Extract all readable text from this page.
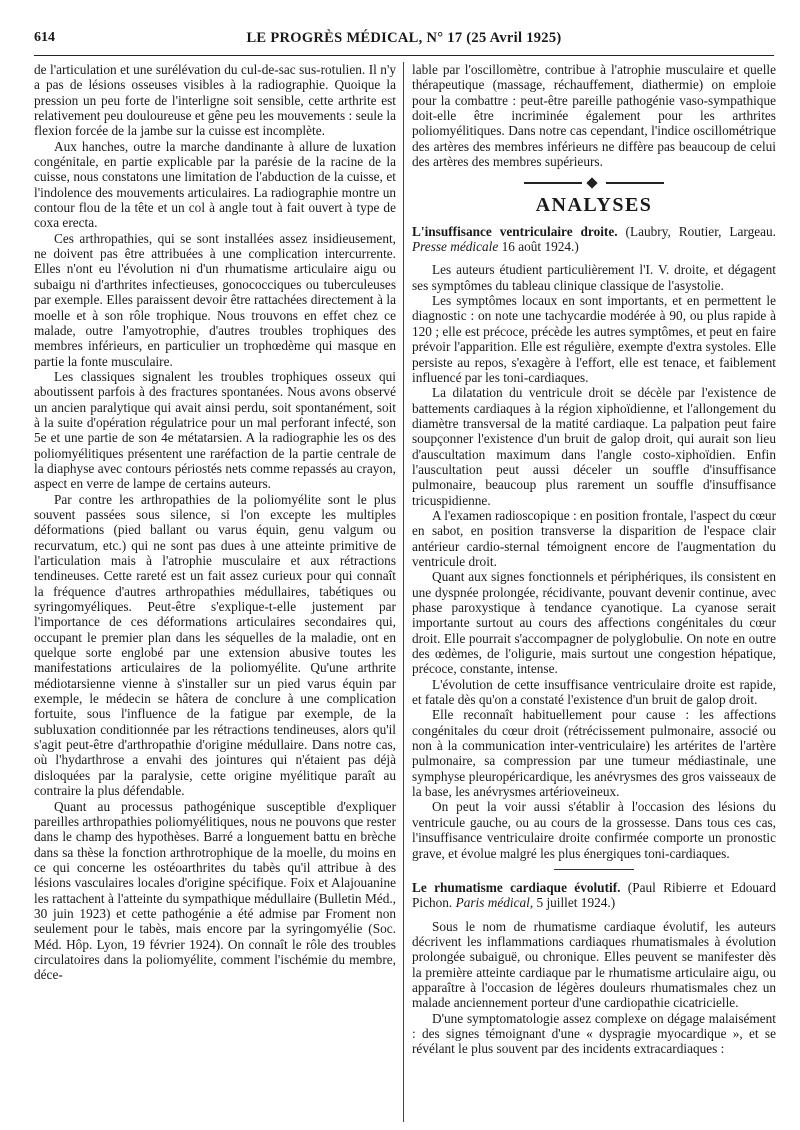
614	LE PROGRÈS MÉDICAL, N° 17 (25 Avril 1925)

de l'articulation et une surélévation du cul-de-sac sus-rotulien. Il n'y a pas de lésions osseuses visibles à la radiographie. Quoique la pression un peu forte de l'interligne soit sensible, cette arthrite est relativement peu douloureuse et gêne peu les mouvements : seule la flexion forcée de la jambe sur la cuisse est incomplète.

Aux hanches, outre la marche dandinante à allure de luxation congénitale, en partie explicable par la parésie de la racine de la cuisse, nous constatons une limitation de l'abduction de la cuisse, et l'indolence des mouvements articulaires. La radiographie montre un contour flou de la tête et un col à angle tout à fait ouvert à type de coxa erecta.

Ces arthropathies, qui se sont installées assez insidieusement, ne doivent pas être attribuées à une complication intercurrente. Elles n'ont eu l'évolution ni d'un rhumatisme articulaire aigu ou subaigu ni d'arthrites infectieuses, gonococciques ou tuberculeuses par exemple. Elles paraissent devoir être rattachées directement à la moelle et à son rôle trophique. Nous trouvons en effet chez ce malade, outre l'amyotrophie, d'autres troubles trophiques des membres inférieurs, en particulier un trophœdème qui masque en partie la fonte musculaire.

Les classiques signalent les troubles trophiques osseux qui aboutissent parfois à des fractures spontanées. Nous avons observé un ancien paralytique qui avait ainsi perdu, soit spontanément, soit à la suite d'opération régulatrice pour un mal perforant infecté, son 5e et une partie de son 4e métatarsien. A la radiographie les os des poliomyélitiques présentent une raréfaction de la partie centrale de la diaphyse avec contours périostés nets comme repassés au crayon, aspect en verre de lampe de certains auteurs.

Par contre les arthropathies de la poliomyélite sont le plus souvent passées sous silence, si l'on excepte les multiples déformations (pied ballant ou varus équin, genu valgum ou recurvatum, etc.) qui ne sont pas dues à une atteinte primitive de l'articulation mais à l'atrophie musculaire et aux rétractions tendineuses. Cette rareté est un fait assez curieux pour qui connaît la fréquence d'autres arthropathies médullaires, tabétiques ou syringomyéliques. Peut-être s'explique-t-elle justement par l'importance de ces déformations articulaires secondaires qui, occupant le premier plan dans les séquelles de la maladie, ont en quelque sorte englobé par une extension abusive toutes les manifestations articulaires de la poliomyélite. Qu'une arthrite médiotarsienne vienne à s'installer sur un pied varus équin par exemple, le médecin se hâtera de conclure à une complication fortuite, sous l'influence de la fatigue par exemple, de la subluxation conditionnée par les rétractions tendineuses, alors qu'il s'agit peut-être d'arthropathie d'origine médullaire. Dans notre cas, où l'hydarthrose a envahi des jointures qui n'étaient pas déjà disloquées par la paralysie, cette origine myélitique paraît au contraire la plus défendable.

Quant au processus pathogénique susceptible d'expliquer pareilles arthropathies poliomyélitiques, nous ne pouvons que rester dans le champ des hypothèses. Barré a longuement battu en brèche dans sa thèse la fonction arthrotrophique de la moelle, du moins en ce qui concerne les ostéoarthrites du tabès qu'il attribue à des lésions vasculaires locales d'origine spécifique. Foix et Alajouanine les rattachent à l'atteinte du sympathique médullaire (Bulletin Méd., 30 juin 1923) et cette pathogénie a été admise par Froment non seulement pour le tabès, mais encore par la syringomyélie (Soc. Méd. Hôp. Lyon, 19 février 1924). On connaît le rôle des troubles circulatoires dans la poliomyélite, comment l'ischémie du membre, déce-

lable par l'oscillomètre, contribue à l'atrophie musculaire et quelle thérapeutique (massage, réchauffement, diathermie) on emploie pour la combattre : peut-être pareille pathogénie vaso-sympathique doit-elle être incriminée également pour les arthrites poliomyélitiques. Dans notre cas cependant, l'indice oscillométrique des artères des membres inférieurs ne diffère pas beaucoup de celui des artères des membres supérieurs.

ANALYSES

L'insuffisance ventriculaire droite. (Laubry, Routier, Largeau. Presse médicale 16 août 1924.)

Les auteurs étudient particulièrement l'I. V. droite, et dégagent ses symptômes du tableau clinique classique de l'asystolie.

Les symptômes locaux en sont importants, et en permettent le diagnostic : on note une tachycardie modérée à 90, ou plus rapide à 120 ; elle est précoce, précède les autres symptômes, et peut en faire prévoir l'apparition. Elle est régulière, exempte d'extra systoles. Elle persiste au repos, s'exagère à l'effort, elle est tenace, et faiblement influencé par les toni-cardiaques.

La dilatation du ventricule droit se décèle par l'existence de battements cardiaques à la région xiphoïdienne, et l'allongement du diamètre transversal de la matité cardiaque. La palpation peut faire soupçonner l'existence d'un bruit de galop droit, qui aurait son lieu d'auscultation maximum dans l'angle costo-xiphoïdien. Enfin l'auscultation peut aussi déceler un souffle d'insuffisance pulmonaire, beaucoup plus rarement un souffle d'insuffisance tricuspidienne.

A l'examen radioscopique : en position frontale, l'aspect du cœur en sabot, en position transverse la disparition de l'espace clair antérieur cardio-sternal témoignent encore de l'augmentation du ventricule droit.

Quant aux signes fonctionnels et périphériques, ils consistent en une dyspnée prolongée, récidivante, pouvant devenir continue, avec phase paroxystique à tendance cyanotique. La cyanose serait importante surtout au cours des affections congénitales du cœur droit. Elle pourrait s'accompagner de polyglobulie. On note en outre des œdèmes, de l'oligurie, mais surtout une congestion hépatique, précoce, constante, intense.

L'évolution de cette insuffisance ventriculaire droite est rapide, et fatale dès qu'on a constaté l'existence d'un bruit de galop droit.

Elle reconnaît habituellement pour cause : les affections congénitales du cœur droit (rétrécissement pulmonaire, associé ou non à la communication inter-ventriculaire) les artérites de l'artère pulmonaire, sa compression par une tumeur médiastinale, une symphyse pleuropéricardique, les anévrysmes des gros vaisseaux de la base, les anévrysmes artérioveineux.

On peut la voir aussi s'établir à l'occasion des lésions du ventricule gauche, ou au cours de la grossesse. Dans tous ces cas, l'insuffisance ventriculaire droite confirmée comporte un pronostic grave, et évolue malgré les plus énergiques toni-cardiaques.

Le rhumatisme cardiaque évolutif. (Paul Ribierre et Edouard Pichon. Paris médical, 5 juillet 1924.)

Sous le nom de rhumatisme cardiaque évolutif, les auteurs décrivent les inflammations cardiaques rhumatismales à évolution prolongée subaiguë, ou chronique. Elles peuvent se manifester dès la première atteinte cardiaque par le rhumatisme articulaire aigu, ou apparaître à l'occasion de légères douleurs rhumatismales chez un malade anciennement porteur d'une cardiopathie cicatricielle.

D'une symptomatologie assez complexe on dégage malaisément : des signes témoignant d'une « dyspragie myocardique », et se révélant le plus souvent par des incidents extracardiaques :
